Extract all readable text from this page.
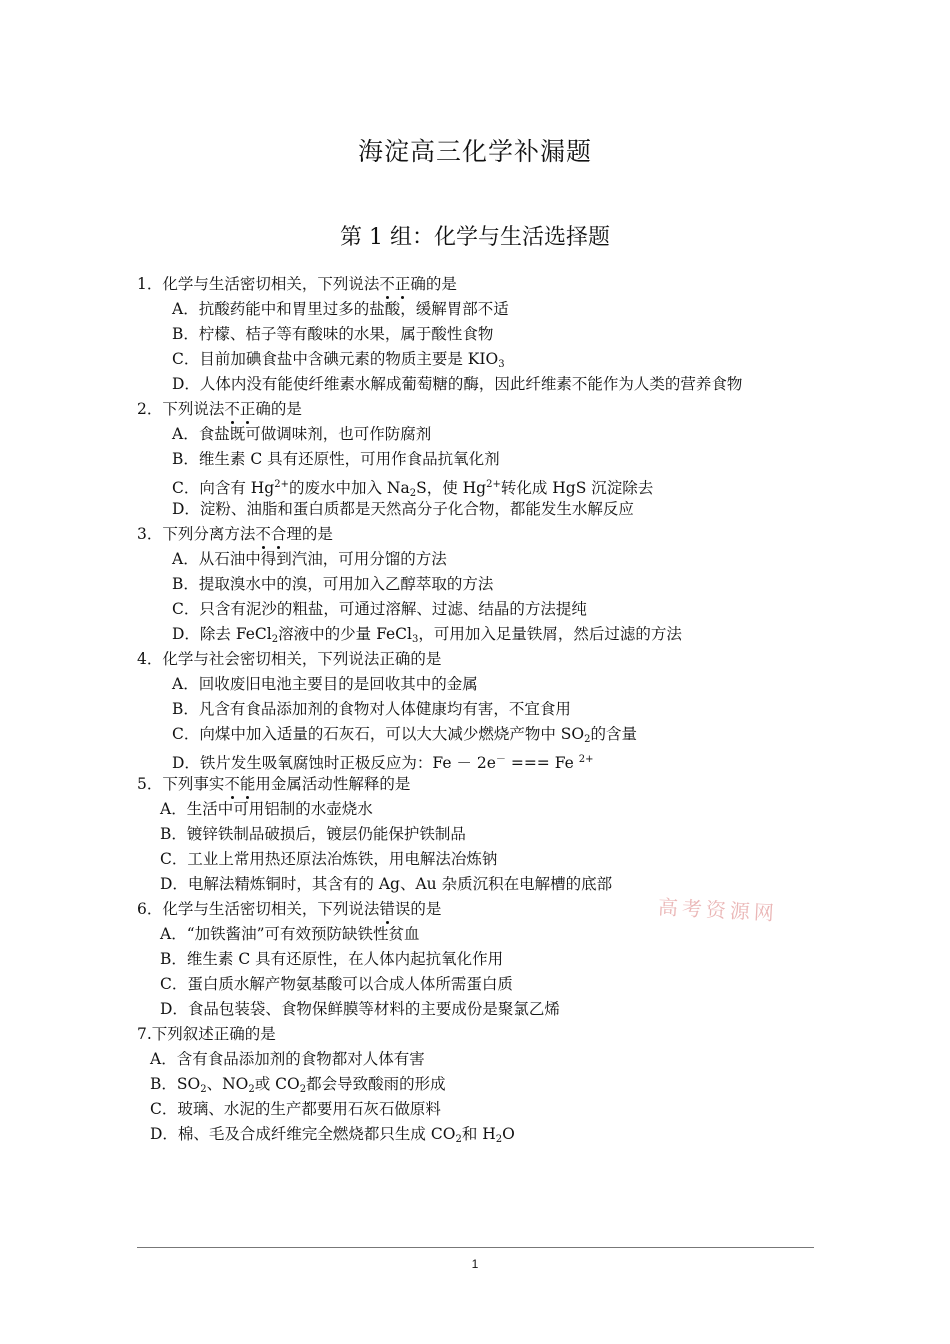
海淀高三化学补漏题
第 1 组：化学与生活选择题
1．化学与生活密切相关，下列说法不正确的是
A．抗酸药能中和胃里过多的盐酸，缓解胃部不适
B．柠檬、桔子等有酸味的水果，属于酸性食物
C．目前加碘食盐中含碘元素的物质主要是 $KIO_3$
D．人体内没有能使纤维素水解成葡萄糖的酶，因此纤维素不能作为人类的营养食物
2．下列说法不正确的是
A．食盐既可做调味剂，也可作防腐剂
B．维生素 C 具有还原性，可用作食品抗氧化剂
C．向含有 $Hg^{2+}$的废水中加入 $Na_2S$，使 $Hg^{2+}$转化成 HgS 沉淀除去
D．淀粉、油脂和蛋白质都是天然高分子化合物，都能发生水解反应
3．下列分离方法不合理的是
A．从石油中得到汽油，可用分馏的方法
B．提取溴水中的溴，可用加入乙醇萃取的方法
C．只含有泥沙的粗盐，可通过溶解、过滤、结晶的方法提纯
D．除去 FeCl$_2$溶液中的少量 FeCl$_3$，可用加入足量铁屑，然后过滤的方法
4．化学与社会密切相关，下列说法正确的是
A．回收废旧电池主要目的是回收其中的金属
B．凡含有食品添加剂的食物对人体健康均有害，不宜食用
C．向煤中加入适量的石灰石，可以大大减少燃烧产物中 $SO_2$的含量
D．铁片发生吸氧腐蚀时正极反应为：Fe － 2e－ === Fe $^{2+}$
5．下列事实不能用金属活动性解释的是
A．生活中可用铝制的水壶烧水
B．镀锌铁制品破损后，镀层仍能保护铁制品
C．工业上常用热还原法冶炼铁，用电解法冶炼钠
D．电解法精炼铜时，其含有的 Ag、Au 杂质沉积在电解槽的底部
6．化学与生活密切相关，下列说法错误的是
A．“加铁酱油”可有效预防缺铁性贫血
B．维生素 C 具有还原性，在人体内起抗氧化作用
C．蛋白质水解产物氨基酸可以合成人体所需蛋白质
D．食品包装袋、食物保鲜膜等材料的主要成份是聚氯乙烯
7.下列叙述正确的是
A．含有食品添加剂的食物都对人体有害
B．$SO_2$、$NO_2$或 $CO_2$都会导致酸雨的形成
C．玻璃、水泥的生产都要用石灰石做原料
D．棉、毛及合成纤维完全燃烧都只生成 $CO_2$和 $H_2O$
高考资源网
1
